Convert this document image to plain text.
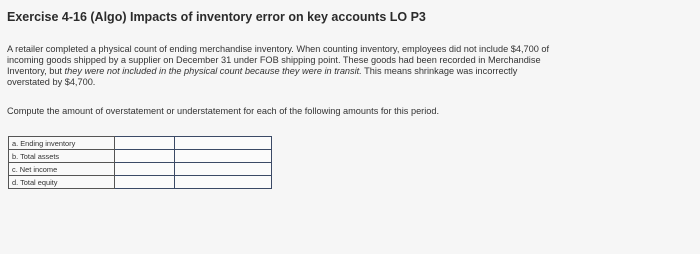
Exercise 4-16 (Algo) Impacts of inventory error on key accounts LO P3
A retailer completed a physical count of ending merchandise inventory. When counting inventory, employees did not include $4,700 of
incoming goods shipped by a supplier on December 31 under FOB shipping point. These goods had been recorded in Merchandise
Inventory, but they were not included in the physical count because they were in transit. This means shrinkage was incorrectly
overstated by $4,700.
Compute the amount of overstatement or understatement for each of the following amounts for this period.
a. Ending inventory		
b. Total assets		
c. Net income		
d. Total equity		
